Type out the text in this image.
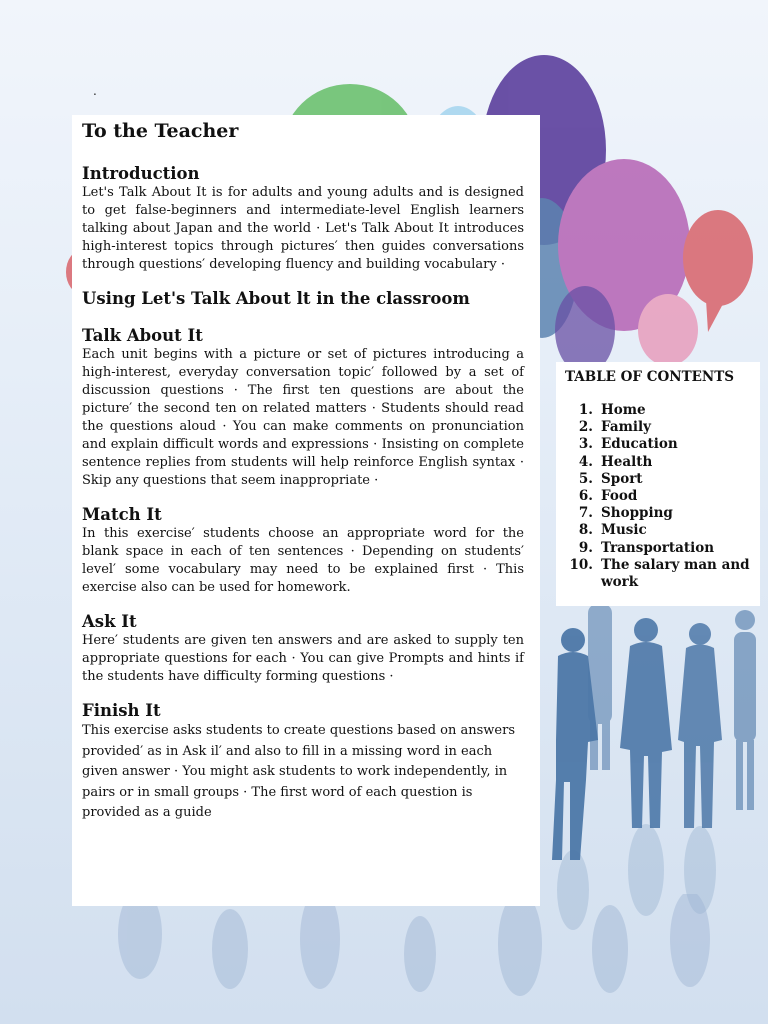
.
To the Teacher
Introduction

Let's Talk About It is for adults and young adults and is designed to get false-beginners and intermediate-level English learners talking about Japan and the world · Let's Talk About It introduces high-interest topics through pictures′ then guides conversations through questions′ developing fluency and building vocabulary ·

Using Let's Talk About lt in the classroom
Talk About It

Each unit begins with a picture or set of pictures introducing a high-interest, everyday conversation topic′ followed by a set of discussion questions · The first ten questions are about the picture′ the second ten on related matters · Students should read the questions aloud · You can make comments on pronunciation and explain difficult words and expressions · Insisting on complete sentence replies from students will help reinforce English syntax · Skip any questions that seem inappropriate ·

Match It

In this exercise′ students choose an appropriate word for the blank space in each of ten sentences · Depending on students′ level′ some vocabulary may need to be explained first · This exercise also can be used for homework.

Ask It

Here′ students are given ten answers and are asked to supply ten appropriate questions for each · You can give Prompts and hints if the students have difficulty forming questions ·

Finish It

This exercise asks students to create questions based on answers provided′ as in Ask il′ and also to fill in a missing word in each given answer · You might ask students to work independently, in pairs or in small groups · The first word of each question is provided as a guide

TABLE OF CONTENTS
1. Home
2. Family
3. Education
4. Health
5. Sport
6. Food
7. Shopping
8. Music
9. Transportation
10. The salary man and work
